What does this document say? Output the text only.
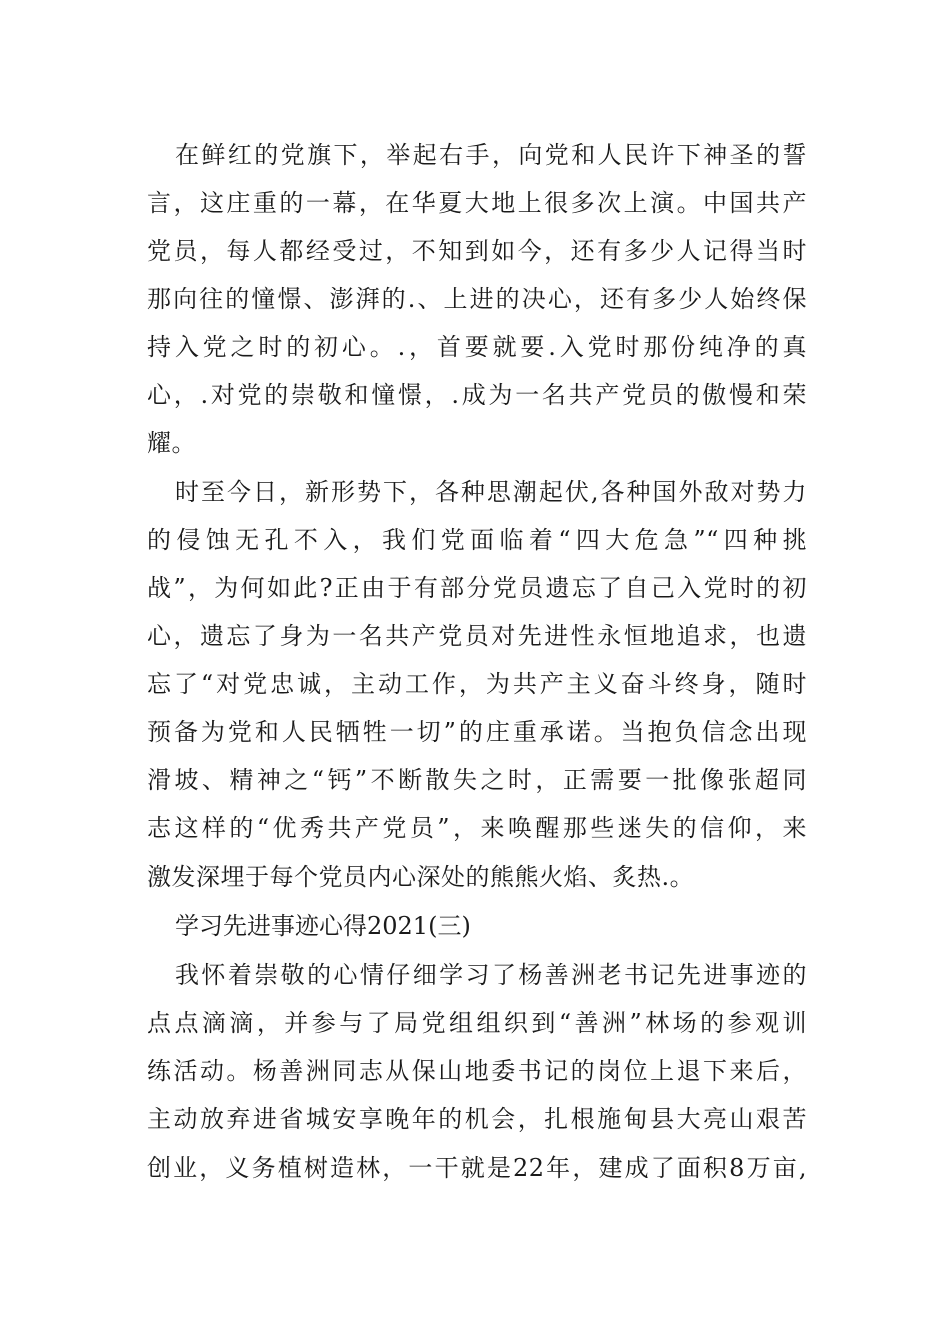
在鲜红的党旗下，举起右手，向党和人民许下神圣的誓
言，这庄重的一幕，在华夏大地上很多次上演。中国共产
党员，每人都经受过，不知到如今，还有多少人记得当时
那向往的憧憬、澎湃的.、上进的决心，还有多少人始终保
持入党之时的初心。.，首要就要.入党时那份纯净的真
心，.对党的崇敬和憧憬，.成为一名共产党员的傲慢和荣
耀。
时至今日，新形势下，各种思潮起伏,各种国外敌对势力
的侵蚀无孔不入，我们党面临着“四大危急”“四种挑
战”，为何如此?正由于有部分党员遗忘了自己入党时的初
心，遗忘了身为一名共产党员对先进性永恒地追求，也遗
忘了“对党忠诚，主动工作，为共产主义奋斗终身，随时
预备为党和人民牺牲一切”的庄重承诺。当抱负信念出现
滑坡、精神之“钙”不断散失之时，正需要一批像张超同
志这样的“优秀共产党员”，来唤醒那些迷失的信仰，来
激发深埋于每个党员内心深处的熊熊火焰、炙热.。
学习先进事迹心得2021(三)
我怀着崇敬的心情仔细学习了杨善洲老书记先进事迹的
点点滴滴，并参与了局党组组织到“善洲”林场的参观训
练活动。杨善洲同志从保山地委书记的岗位上退下来后，
主动放弃进省城安享晚年的机会，扎根施甸县大亮山艰苦
创业，义务植树造林，一干就是22年，建成了面积8万亩,
